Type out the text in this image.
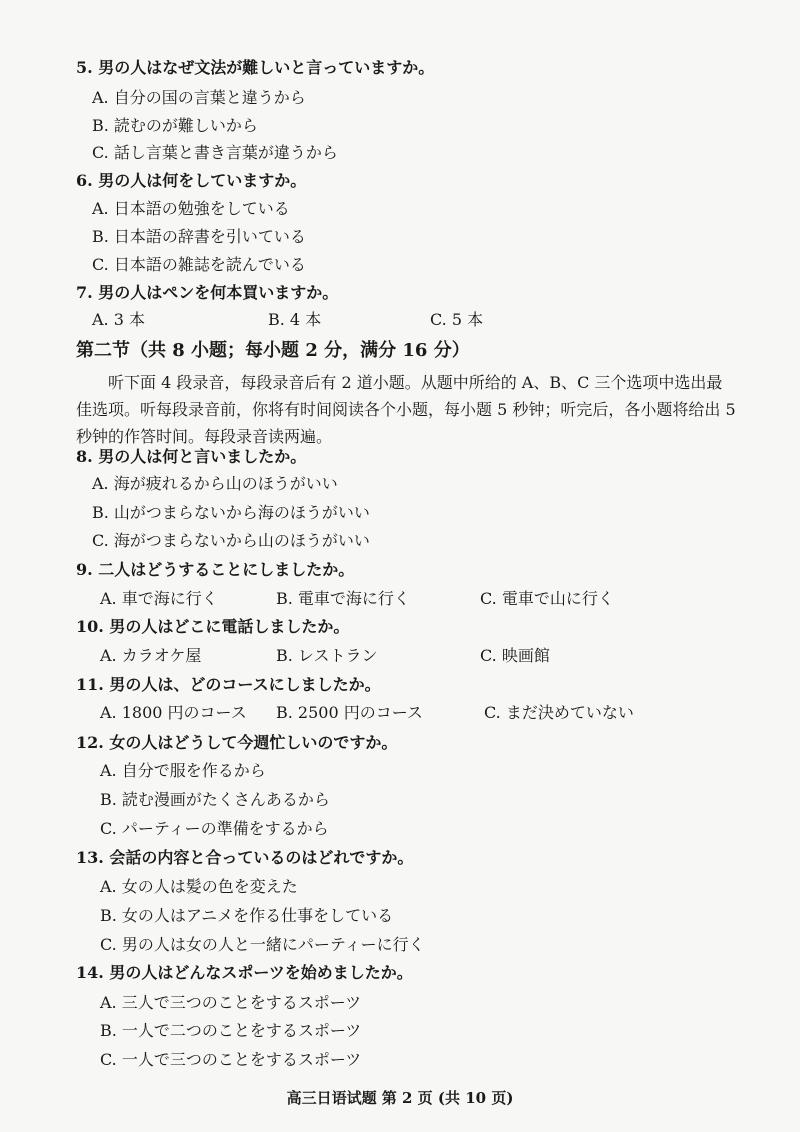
5. 男の人はなぜ文法が難しいと言っていますか。
A. 自分の国の言葉と違うから
B. 読むのが難しいから
C. 話し言葉と書き言葉が違うから
6. 男の人は何をしていますか。
A. 日本語の勉強をしている
B. 日本語の辞書を引いている
C. 日本語の雑誌を読んでいる
7. 男の人はペンを何本買いますか。
A. 3 本	B. 4 本	C. 5 本
第二节（共 8 小题；每小题 2 分，满分 16 分）
听下面 4 段录音，每段录音后有 2 道小题。从题中所给的 A、B、C 三个选项中选出最佳选项。听每段录音前，你将有时间阅读各个小题，每小题 5 秒钟；听完后，各小题将给出 5 秒钟的作答时间。每段录音读两遍。
8. 男の人は何と言いましたか。
A. 海が疲れるから山のほうがいい
B. 山がつまらないから海のほうがいい
C. 海がつまらないから山のほうがいい
9. 二人はどうすることにしましたか。
A. 車で海に行く	B. 電車で海に行く	C. 電車で山に行く
10. 男の人はどこに電話しましたか。
A. カラオケ屋	B. レストラン	C. 映画館
11. 男の人は、どのコースにしましたか。
A. 1800 円のコース B. 2500 円のコース	C. まだ決めていない
12. 女の人はどうして今週忙しいのですか。
A. 自分で服を作るから
B. 読む漫画がたくさんあるから
C. パーティーの準備をするから
13. 会話の内容と合っているのはどれですか。
A. 女の人は髪の色を変えた
B. 女の人はアニメを作る仕事をしている
C. 男の人は女の人と一緒にパーティーに行く
14. 男の人はどんなスポーツを始めましたか。
A. 三人で三つのことをするスポーツ
B. 一人で二つのことをするスポーツ
C. 一人で三つのことをするスポーツ
高三日语试题 第 2 页 (共 10 页)
